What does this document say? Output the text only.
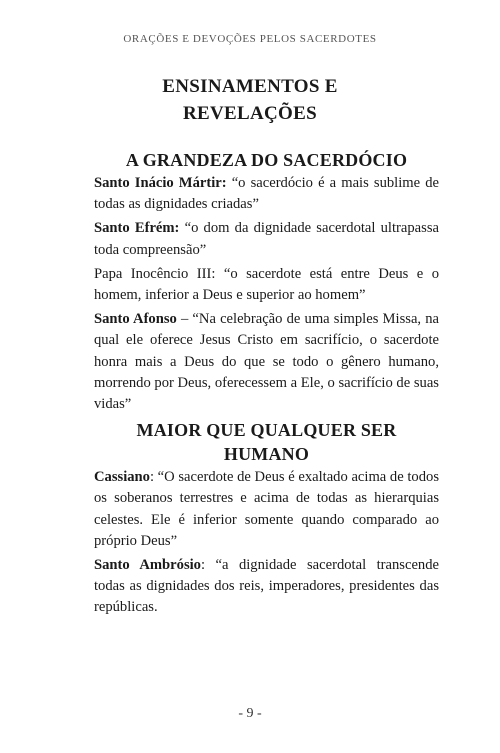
ORAÇÕES E DEVOÇÕES PELOS SACERDOTES
ENSINAMENTOS E
REVELAÇÕES
A GRANDEZA DO SACERDÓCIO

Santo Inácio Mártir: “o sacerdócio é a mais sublime de todas as dignidades criadas”

Santo Efrém: “o dom da dignidade sacerdotal ultrapassa toda compreensão”

Papa Inocêncio III: “o sacerdote está entre Deus e o homem, inferior a Deus e superior ao homem”

Santo Afonso – “Na celebração de uma simples Missa, na qual ele oferece Jesus Cristo em sacrifício, o sacerdote honra mais a Deus do que se todo o gênero humano, morrendo por Deus, oferecessem a Ele, o sacrifício de suas vidas”

MAIOR QUE QUALQUER SER HUMANO

Cassiano: “O sacerdote de Deus é exaltado acima de todos os soberanos terrestres e acima de todas as hierarquias celestes. Ele é inferior somente quando comparado ao próprio Deus”

Santo Ambrósio: “a dignidade sacerdotal transcende todas as dignidades dos reis, imperadores, presidentes das repúblicas.

- 9 -
